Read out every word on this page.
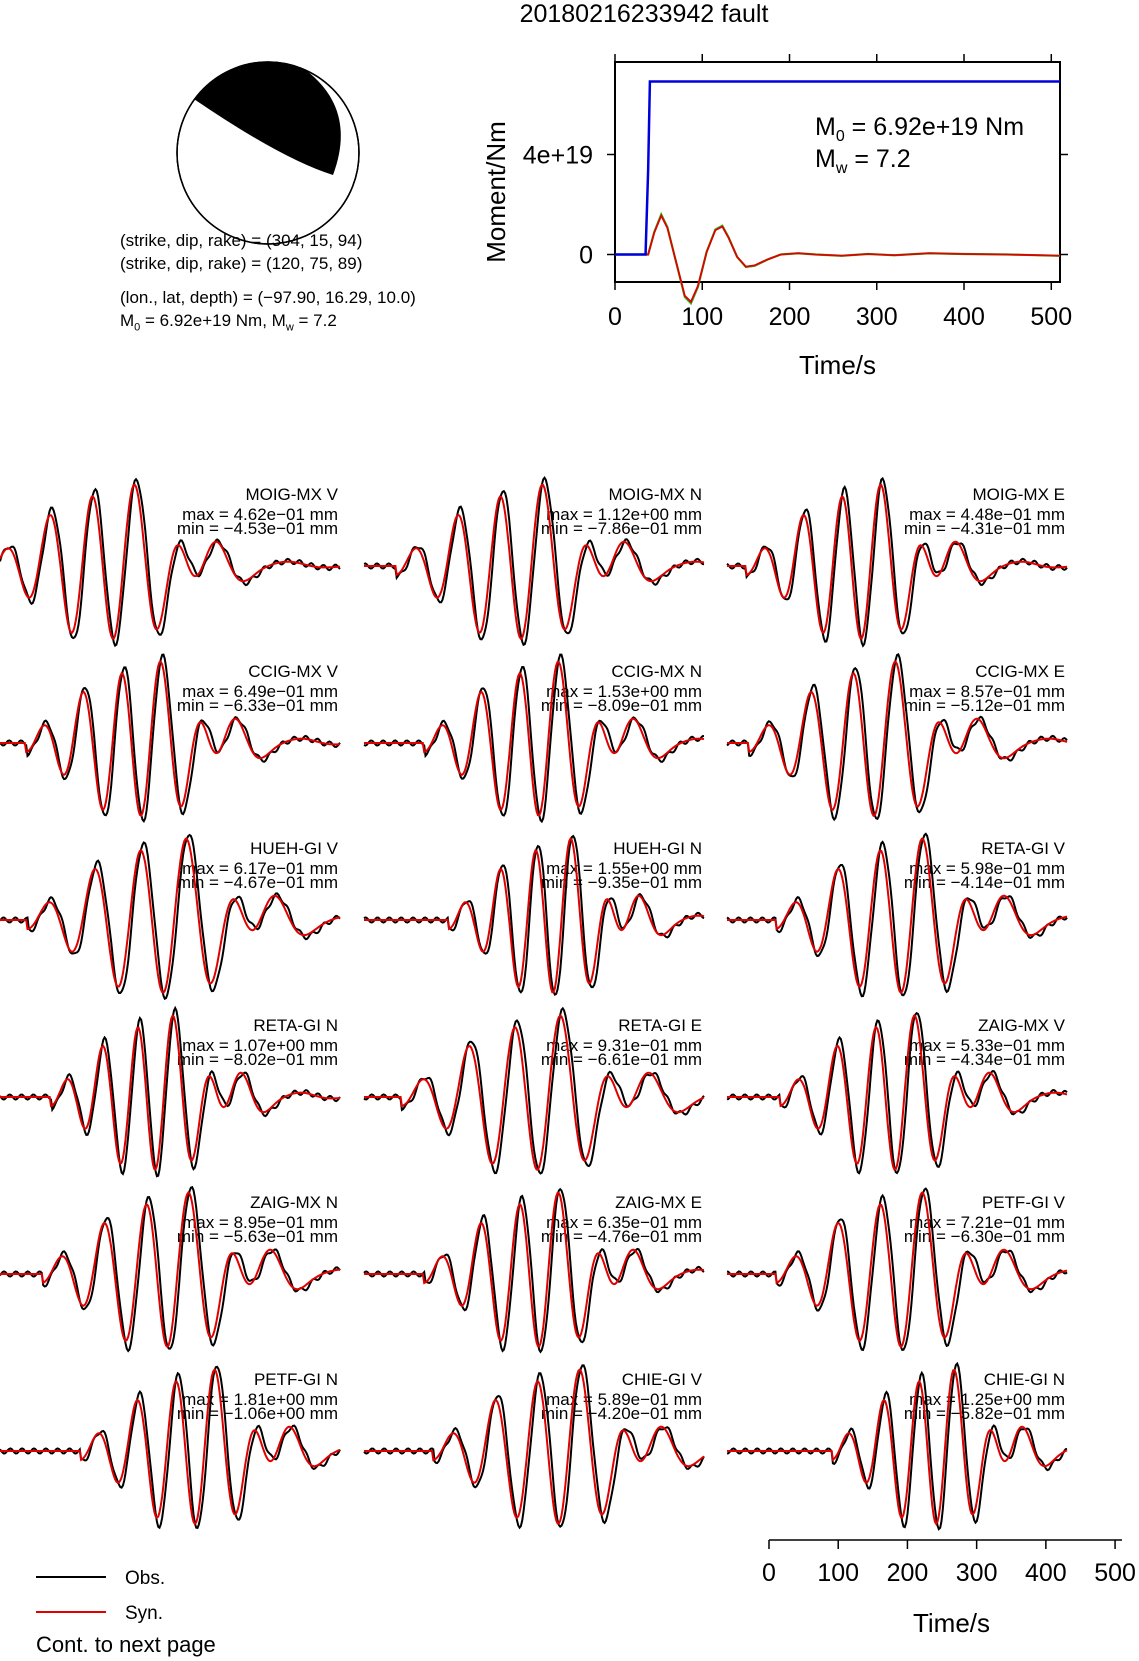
20180216233942 fault
(strike, dip, rake) = (304, 15, 94)
(strike, dip, rake) = (120, 75, 89)
(lon., lat, depth) = (−97.90, 16.29, 10.0)
$M_0 = 6.92e+19$ Nm, $M_w = 7.2$	0 100 200 300 400 500
0
4e+19
Time/s
Moment/Nm	$M_0 = 6.92e+19$ Nm
$M_w = 7.2$
MOIG-MX V
max = 4.62e−01 mm
min = −4.53e−01 mm
MOIG-MX N
max = 1.12e+00 mm
min = −7.86e−01 mm
MOIG-MX E
max = 4.48e−01 mm
min = −4.31e−01 mm
CCIG-MX V
max = 6.49e−01 mm
min = −6.33e−01 mm
CCIG-MX N
max = 1.53e+00 mm
min = −8.09e−01 mm
CCIG-MX E
max = 8.57e−01 mm
min = −5.12e−01 mm
HUEH-GI V
max = 6.17e−01 mm
min = −4.67e−01 mm
HUEH-GI N
max = 1.55e+00 mm
min = −9.35e−01 mm
RETA-GI V
max = 5.98e−01 mm
min = −4.14e−01 mm
RETA-GI N
max = 1.07e+00 mm
min = −8.02e−01 mm
RETA-GI E
max = 9.31e−01 mm
min = −6.61e−01 mm
ZAIG-MX V
max = 5.33e−01 mm
min = −4.34e−01 mm
ZAIG-MX N
max = 8.95e−01 mm
min = −5.63e−01 mm
ZAIG-MX E
max = 6.35e−01 mm
min = −4.76e−01 mm
PETF-GI V
max = 7.21e−01 mm
min = −6.30e−01 mm
PETF-GI N
max = 1.81e+00 mm
min = −1.06e+00 mm
CHIE-GI V
max = 5.89e−01 mm
min = −4.20e−01 mm
CHIE-GI N
max = 1.25e+00 mm
min = −5.82e−01 mm
0 100 200 300 400 500
Time/s
Obs.
Syn.
Cont. to next page
